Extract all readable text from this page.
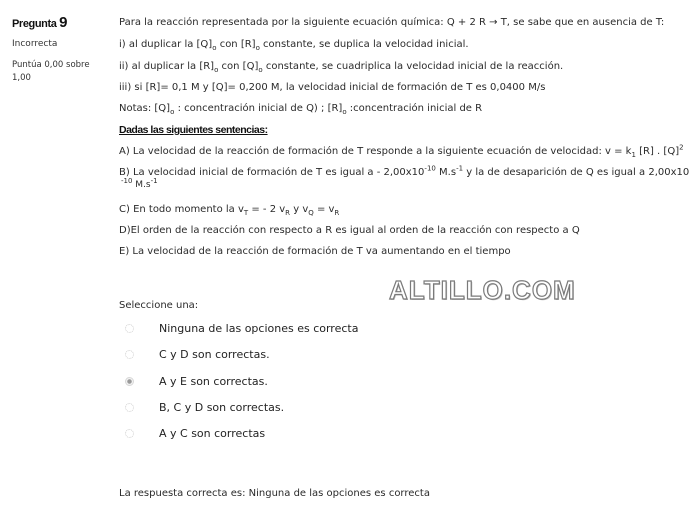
Pregunta 9
Incorrecta
Puntúa 0,00 sobre 1,00
Para la reacción representada por la siguiente ecuación química: Q + 2 R → T, se sabe que en ausencia de T:
i) al duplicar la $[Q]_o$ con $[R]_o$ constante, se duplica la velocidad inicial.
ii) al duplicar la $[R]_o$ con $[Q]_o$ constante, se cuadriplica la velocidad inicial de la reacción.
iii) si [R]= 0,1 M y [Q]= 0,200 M, la velocidad inicial de formación de T es 0,0400 M/s
Notas: $[Q]_o$ : concentración inicial de Q) ; $[R]_o$ :concentración inicial de R
Dadas las siguientes sentencias:
A) La velocidad de la reacción de formación de T responde a la siguiente ecuación de velocidad: $v = k_1$ [R] . $[Q]^2$
B) La velocidad inicial de formación de T es igual a - $2,00x10^{-10}$ $M.s^{-1}$ y la de desaparición de Q es igual a 2,00x10
$^{-10}$ $M.s^{-1}$
C) En todo momento la $v_T$ = - 2 $v_R$ y $v_Q = v_R$
D)El orden de la reacción con respecto a R es igual al orden de la reacción con respecto a Q
E) La velocidad de la reacción de formación de T va aumentando en el tiempo
ALTILLO.COM
Seleccione una:
Ninguna de las opciones es correcta
C y D son correctas.
A y E son correctas.
B, C y D son correctas.
A y C son correctas
La respuesta correcta es: Ninguna de las opciones es correcta
